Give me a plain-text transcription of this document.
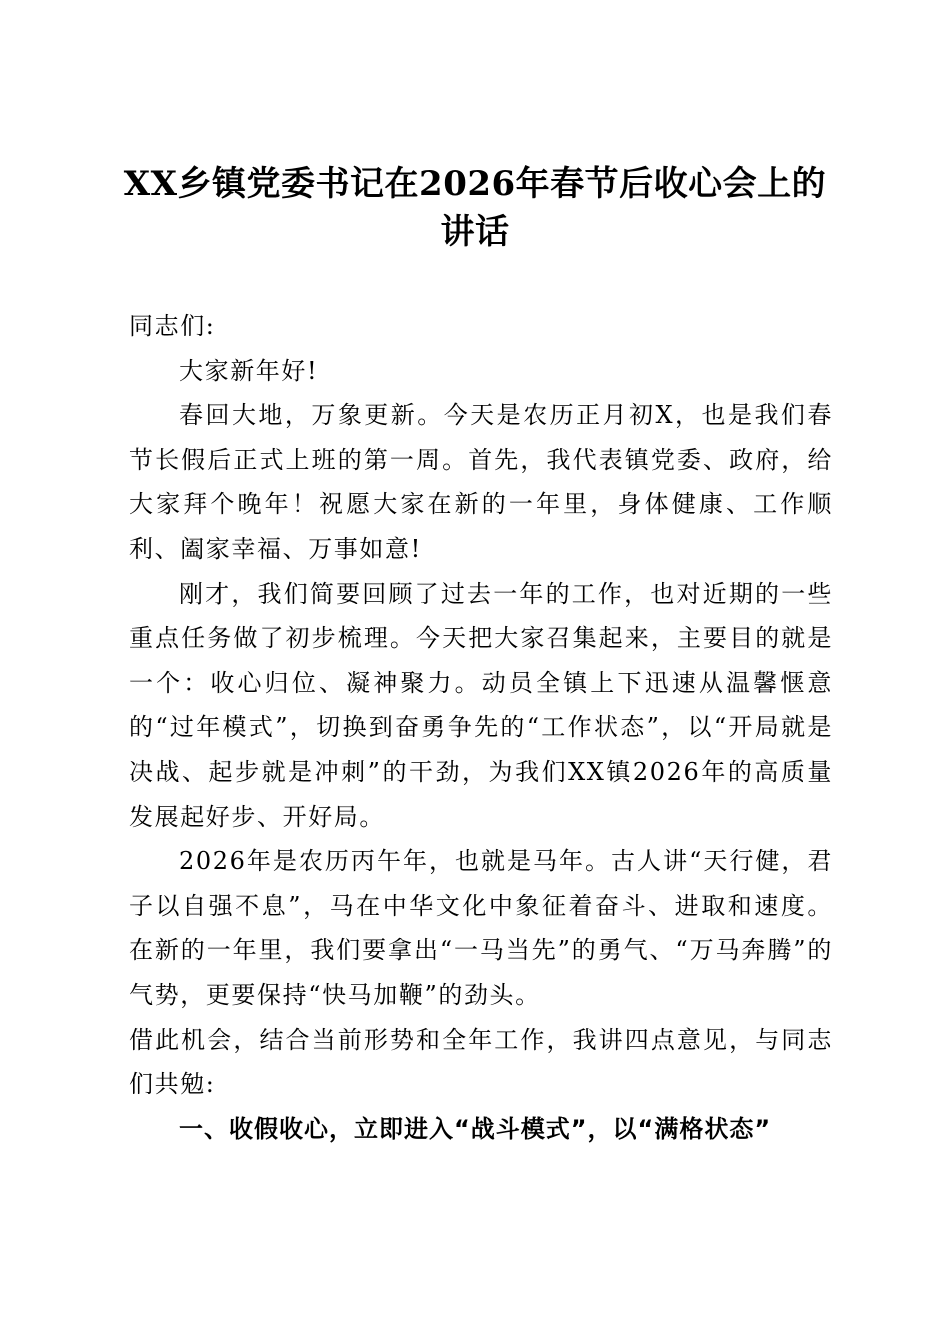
XX乡镇党委书记在2026年春节后收心会上的
讲话

同志们:

大家新年好!

春回大地，万象更新。今天是农历正月初X，也是我们春节长假后正式上班的第一周。首先，我代表镇党委、政府，给大家拜个晚年！祝愿大家在新的一年里，身体健康、工作顺利、阖家幸福、万事如意!

刚才，我们简要回顾了过去一年的工作，也对近期的一些重点任务做了初步梳理。今天把大家召集起来，主要目的就是一个：收心归位、凝神聚力。动员全镇上下迅速从温馨惬意的“过年模式”，切换到奋勇争先的“工作状态”，以“开局就是决战、起步就是冲刺”的干劲，为我们XX镇2026年的高质量发展起好步、开好局。

2026年是农历丙午年，也就是马年。古人讲“天行健，君子以自强不息”，马在中华文化中象征着奋斗、进取和速度。在新的一年里，我们要拿出“一马当先”的勇气、“万马奔腾”的气势，更要保持“快马加鞭”的劲头。

借此机会，结合当前形势和全年工作，我讲四点意见，与同志们共勉:

一、收假收心，立即进入“战斗模式”，以“满格状态”
